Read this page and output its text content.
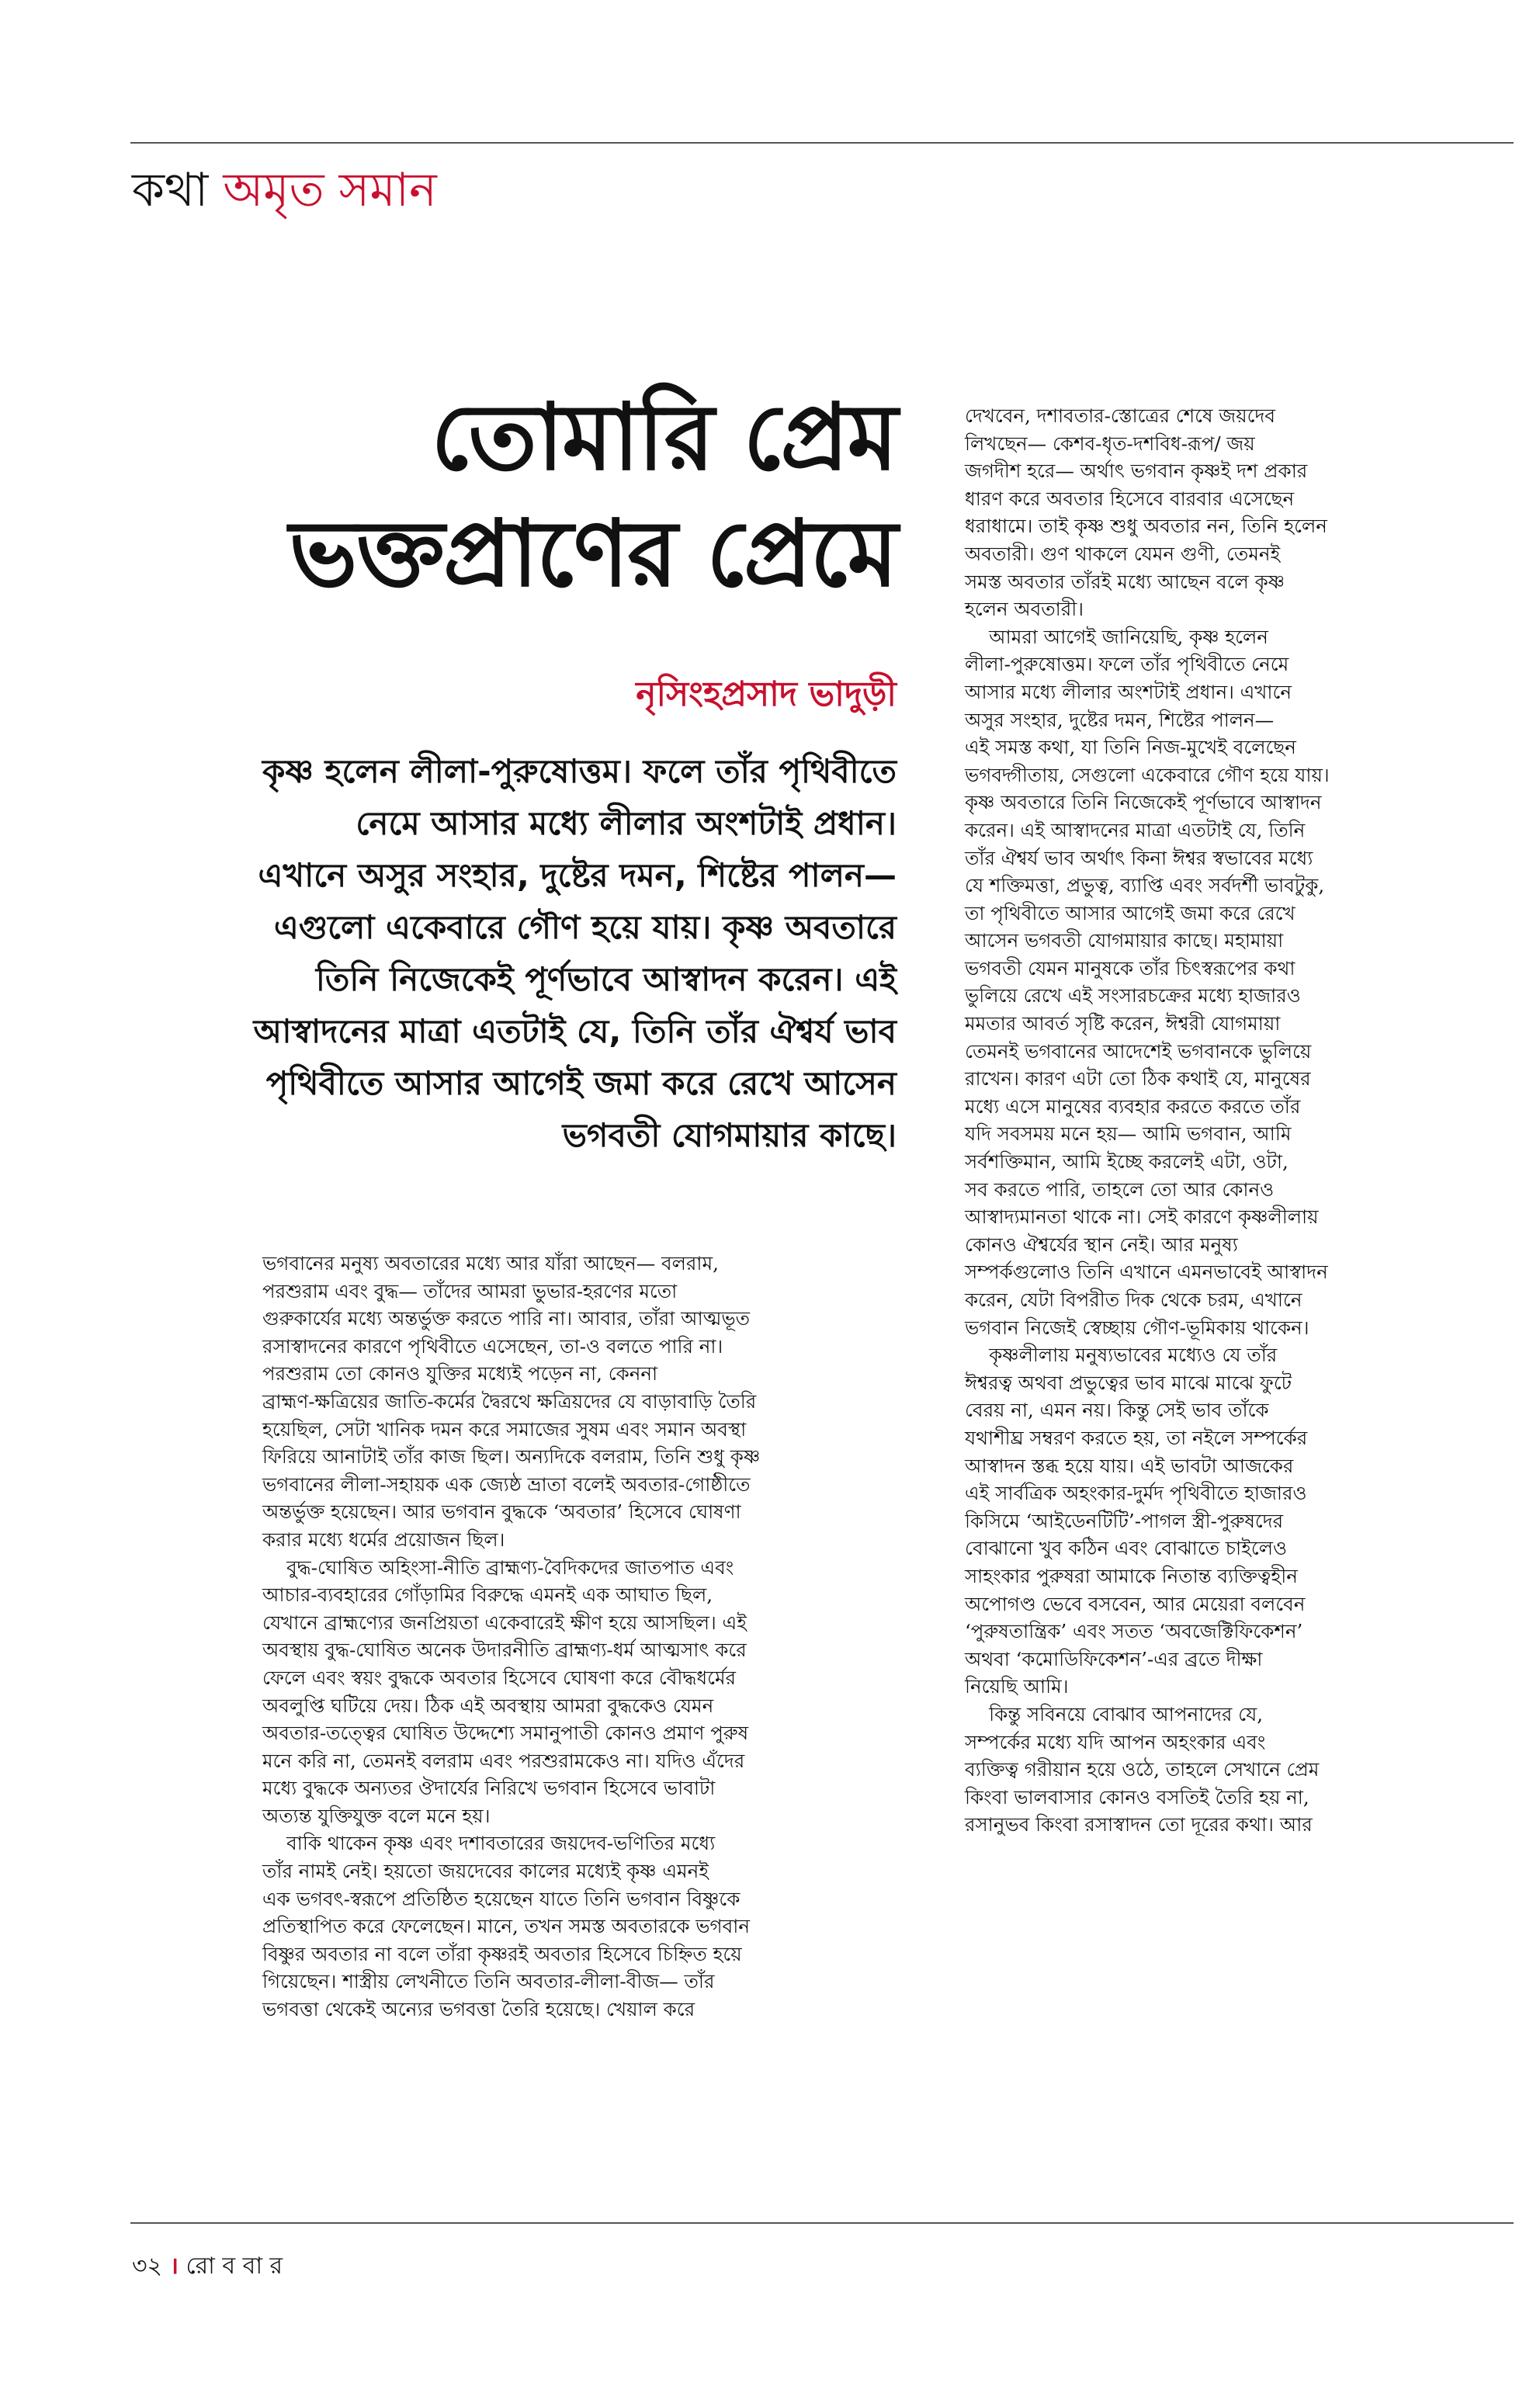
কথা অমৃত সমান
তোমারি প্রেম
ভক্তপ্রাণের প্রেমে
নৃসিংহপ্রসাদ ভাদুড়ী
কৃষ্ণ হলেন লীলা-পুরুষোত্তম। ফলে তাঁর পৃথিবীতে
নেমে আসার মধ্যে লীলার অংশটাই প্রধান।
এখানে অসুর সংহার, দুষ্টের দমন, শিষ্টের পালন—
এগুলো একেবারে গৌণ হয়ে যায়। কৃষ্ণ অবতারে
তিনি নিজেকেই পূর্ণভাবে আস্বাদন করেন। এই
আস্বাদনের মাত্রা এতটাই যে, তিনি তাঁর ঐশ্বর্য ভাব
পৃথিবীতে আসার আগেই জমা করে রেখে আসেন
ভগবতী যোগমায়ার কাছে।
ভগবানের মনুষ্য অবতারের মধ্যে আর যাঁরা আছেন— বলরাম,
পরশুরাম এবং বুদ্ধ— তাঁদের আমরা ভুভার-হরণের মতো
গুরুকার্যের মধ্যে অন্তর্ভুক্ত করতে পারি না। আবার, তাঁরা আত্মভূত
রসাস্বাদনের কারণে পৃথিবীতে এসেছেন, তা-ও বলতে পারি না।
পরশুরাম তো কোনও যুক্তির মধ্যেই পড়েন না, কেননা
ব্রাহ্মণ-ক্ষত্রিয়ের জাতি-কর্মের দ্বৈরথে ক্ষত্রিয়দের যে বাড়াবাড়ি তৈরি
হয়েছিল, সেটা খানিক দমন করে সমাজের সুষম এবং সমান অবস্থা
ফিরিয়ে আনাটাই তাঁর কাজ ছিল। অন্যদিকে বলরাম, তিনি শুধু কৃষ্ণ
ভগবানের লীলা-সহায়ক এক জ্যেষ্ঠ ভ্রাতা বলেই অবতার-গোষ্ঠীতে
অন্তর্ভুক্ত হয়েছেন। আর ভগবান বুদ্ধকে ‘অবতার’ হিসেবে ঘোষণা
করার মধ্যে ধর্মের প্রয়োজন ছিল।
বুদ্ধ-ঘোষিত অহিংসা-নীতি ব্রাহ্মণ্য-বৈদিকদের জাতপাত এবং
আচার-ব্যবহারের গোঁড়ামির বিরুদ্ধে এমনই এক আঘাত ছিল,
যেখানে ব্রাহ্মণ্যের জনপ্রিয়তা একেবারেই ক্ষীণ হয়ে আসছিল। এই
অবস্থায় বুদ্ধ-ঘোষিত অনেক উদারনীতি ব্রাহ্মণ্য-ধর্ম আত্মসাৎ করে
ফেলে এবং স্বয়ং বুদ্ধকে অবতার হিসেবে ঘোষণা করে বৌদ্ধধর্মের
অবলুপ্তি ঘটিয়ে দেয়। ঠিক এই অবস্থায় আমরা বুদ্ধকেও যেমন
অবতার-তত্ত্বের ঘোষিত উদ্দেশ্যে সমানুপাতী কোনও প্রমাণ পুরুষ
মনে করি না, তেমনই বলরাম এবং পরশুরামকেও না। যদিও এঁদের
মধ্যে বুদ্ধকে অন্যতর ঔদার্যের নিরিখে ভগবান হিসেবে ভাবাটা
অত্যন্ত যুক্তিযুক্ত বলে মনে হয়।
বাকি থাকেন কৃষ্ণ এবং দশাবতারের জয়দেব-ভণিতির মধ্যে
তাঁর নামই নেই। হয়তো জয়দেবের কালের মধ্যেই কৃষ্ণ এমনই
এক ভগবৎ-স্বরূপে প্রতিষ্ঠিত হয়েছেন যাতে তিনি ভগবান বিষ্ণুকে
প্রতিস্থাপিত করে ফেলেছেন। মানে, তখন সমস্ত অবতারকে ভগবান
বিষ্ণুর অবতার না বলে তাঁরা কৃষ্ণরই অবতার হিসেবে চিহ্নিত হয়ে
গিয়েছেন। শাস্ত্রীয় লেখনীতে তিনি অবতার-লীলা-বীজ— তাঁর
ভগবত্তা থেকেই অন্যের ভগবত্তা তৈরি হয়েছে। খেয়াল করে
দেখবেন, দশাবতার-স্তোত্রের শেষে জয়দেব
লিখছেন— কেশব-ধৃত-দশবিধ-রূপ/ জয়
জগদীশ হরে— অর্থাৎ ভগবান কৃষ্ণই দশ প্রকার
ধারণ করে অবতার হিসেবে বারবার এসেছেন
ধরাধামে। তাই কৃষ্ণ শুধু অবতার নন, তিনি হলেন
অবতারী। গুণ থাকলে যেমন গুণী, তেমনই
সমস্ত অবতার তাঁরই মধ্যে আছেন বলে কৃষ্ণ
হলেন অবতারী।
আমরা আগেই জানিয়েছি, কৃষ্ণ হলেন
লীলা-পুরুষোত্তম। ফলে তাঁর পৃথিবীতে নেমে
আসার মধ্যে লীলার অংশটাই প্রধান। এখানে
অসুর সংহার, দুষ্টের দমন, শিষ্টের পালন—
এই সমস্ত কথা, যা তিনি নিজ-মুখেই বলেছেন
ভগবদ্গীতায়, সেগুলো একেবারে গৌণ হয়ে যায়।
কৃষ্ণ অবতারে তিনি নিজেকেই পূর্ণভাবে আস্বাদন
করেন। এই আস্বাদনের মাত্রা এতটাই যে, তিনি
তাঁর ঐশ্বর্য ভাব অর্থাৎ কিনা ঈশ্বর স্বভাবের মধ্যে
যে শক্তিমত্তা, প্রভুত্ব, ব্যাপ্তি এবং সর্বদর্শী ভাবটুকু,
তা পৃথিবীতে আসার আগেই জমা করে রেখে
আসেন ভগবতী যোগমায়ার কাছে। মহামায়া
ভগবতী যেমন মানুষকে তাঁর চিৎস্বরূপের কথা
ভুলিয়ে রেখে এই সংসারচক্রের মধ্যে হাজারও
মমতার আবর্ত সৃষ্টি করেন, ঈশ্বরী যোগমায়া
তেমনই ভগবানের আদেশেই ভগবানকে ভুলিয়ে
রাখেন। কারণ এটা তো ঠিক কথাই যে, মানুষের
মধ্যে এসে মানুষের ব্যবহার করতে করতে তাঁর
যদি সবসময় মনে হয়— আমি ভগবান, আমি
সর্বশক্তিমান, আমি ইচ্ছে করলেই এটা, ওটা,
সব করতে পারি, তাহলে তো আর কোনও
আস্বাদ্যমানতা থাকে না। সেই কারণে কৃষ্ণলীলায়
কোনও ঐশ্বর্যের স্থান নেই। আর মনুষ্য
সম্পর্কগুলোও তিনি এখানে এমনভাবেই আস্বাদন
করেন, যেটা বিপরীত দিক থেকে চরম, এখানে
ভগবান নিজেই স্বেচ্ছায় গৌণ-ভূমিকায় থাকেন।
কৃষ্ণলীলায় মনুষ্যভাবের মধ্যেও যে তাঁর
ঈশ্বরত্ব অথবা প্রভুত্বের ভাব মাঝে মাঝে ফুটে
বেরয় না, এমন নয়। কিন্তু সেই ভাব তাঁকে
যথাশীঘ্র সম্বরণ করতে হয়, তা নইলে সম্পর্কের
আস্বাদন স্তব্ধ হয়ে যায়। এই ভাবটা আজকের
এই সার্বত্রিক অহংকার-দুর্মদ পৃথিবীতে হাজারও
কিসিমে ‘আইডেনটিটি’-পাগল স্ত্রী-পুরুষদের
বোঝানো খুব কঠিন এবং বোঝাতে চাইলেও
সাহংকার পুরুষরা আমাকে নিতান্ত ব্যক্তিত্বহীন
অপোগণ্ড ভেবে বসবেন, আর মেয়েরা বলবেন
‘পুরুষতান্ত্রিক’ এবং সতত ‘অবজেক্টিফিকেশন’
অথবা ‘কমোডিফিকেশন’-এর ব্রতে দীক্ষা
নিয়েছি আমি।
কিন্তু সবিনয়ে বোঝাব আপনাদের যে,
সম্পর্কের মধ্যে যদি আপন অহংকার এবং
ব্যক্তিত্ব গরীয়ান হয়ে ওঠে, তাহলে সেখানে প্রেম
কিংবা ভালবাসার কোনও বসতিই তৈরি হয় না,
রসানুভব কিংবা রসাস্বাদন তো দূরের কথা। আর
৩২ । রো ব বা র
